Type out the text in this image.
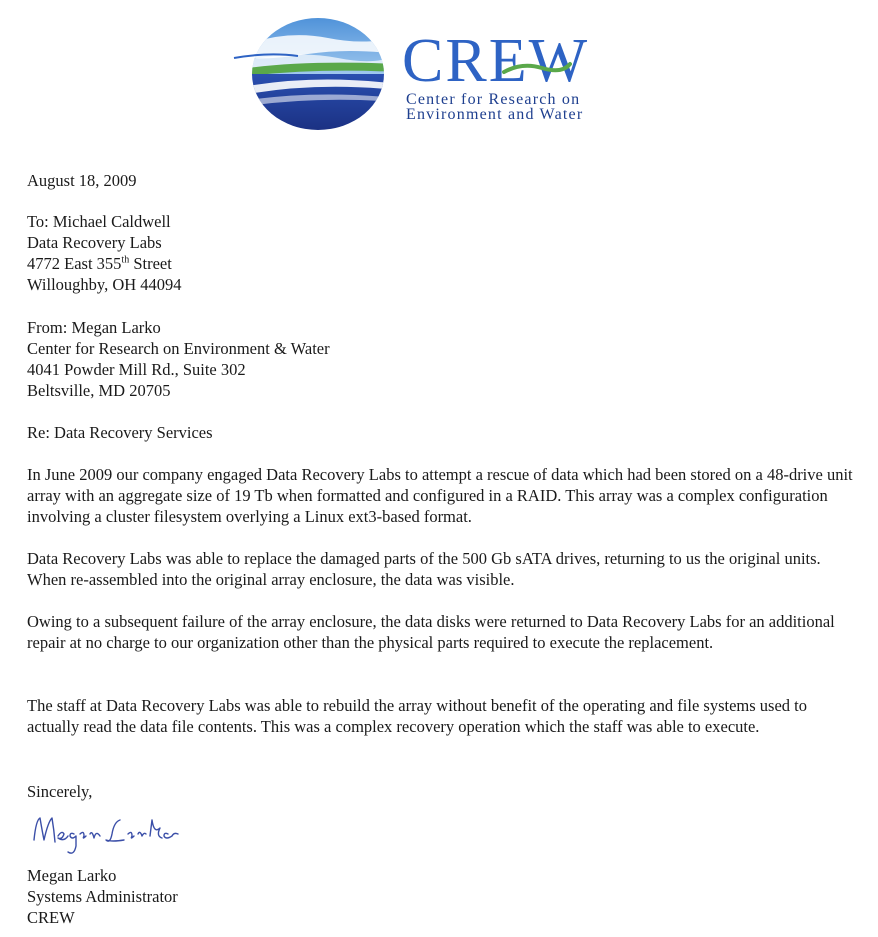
CREW
Center for Research on
Environment and Water
August 18, 2009
To: Michael Caldwell
Data Recovery Labs
4772 East 355th Street
Willoughby, OH 44094
From: Megan Larko
Center for Research on Environment & Water
4041 Powder Mill Rd., Suite 302
Beltsville, MD 20705
Re: Data Recovery Services
In June 2009 our company engaged Data Recovery Labs to attempt a rescue of data which had been stored on a 48-drive unit array with an aggregate size of 19 Tb when formatted and configured in a RAID. This array was a complex configuration involving a cluster filesystem overlying a Linux ext3-based format.
Data Recovery Labs was able to replace the damaged parts of the 500 Gb sATA drives, returning to us the original units. When re-assembled into the original array enclosure, the data was visible.
Owing to a subsequent failure of the array enclosure, the data disks were returned to Data Recovery Labs for an additional repair at no charge to our organization other than the physical parts required to execute the replacement.
The staff at Data Recovery Labs was able to rebuild the array without benefit of the operating and file systems used to actually read the data file contents. This was a complex recovery operation which the staff was able to execute.
Sincerely,
Megan Larko
Systems Administrator
CREW
